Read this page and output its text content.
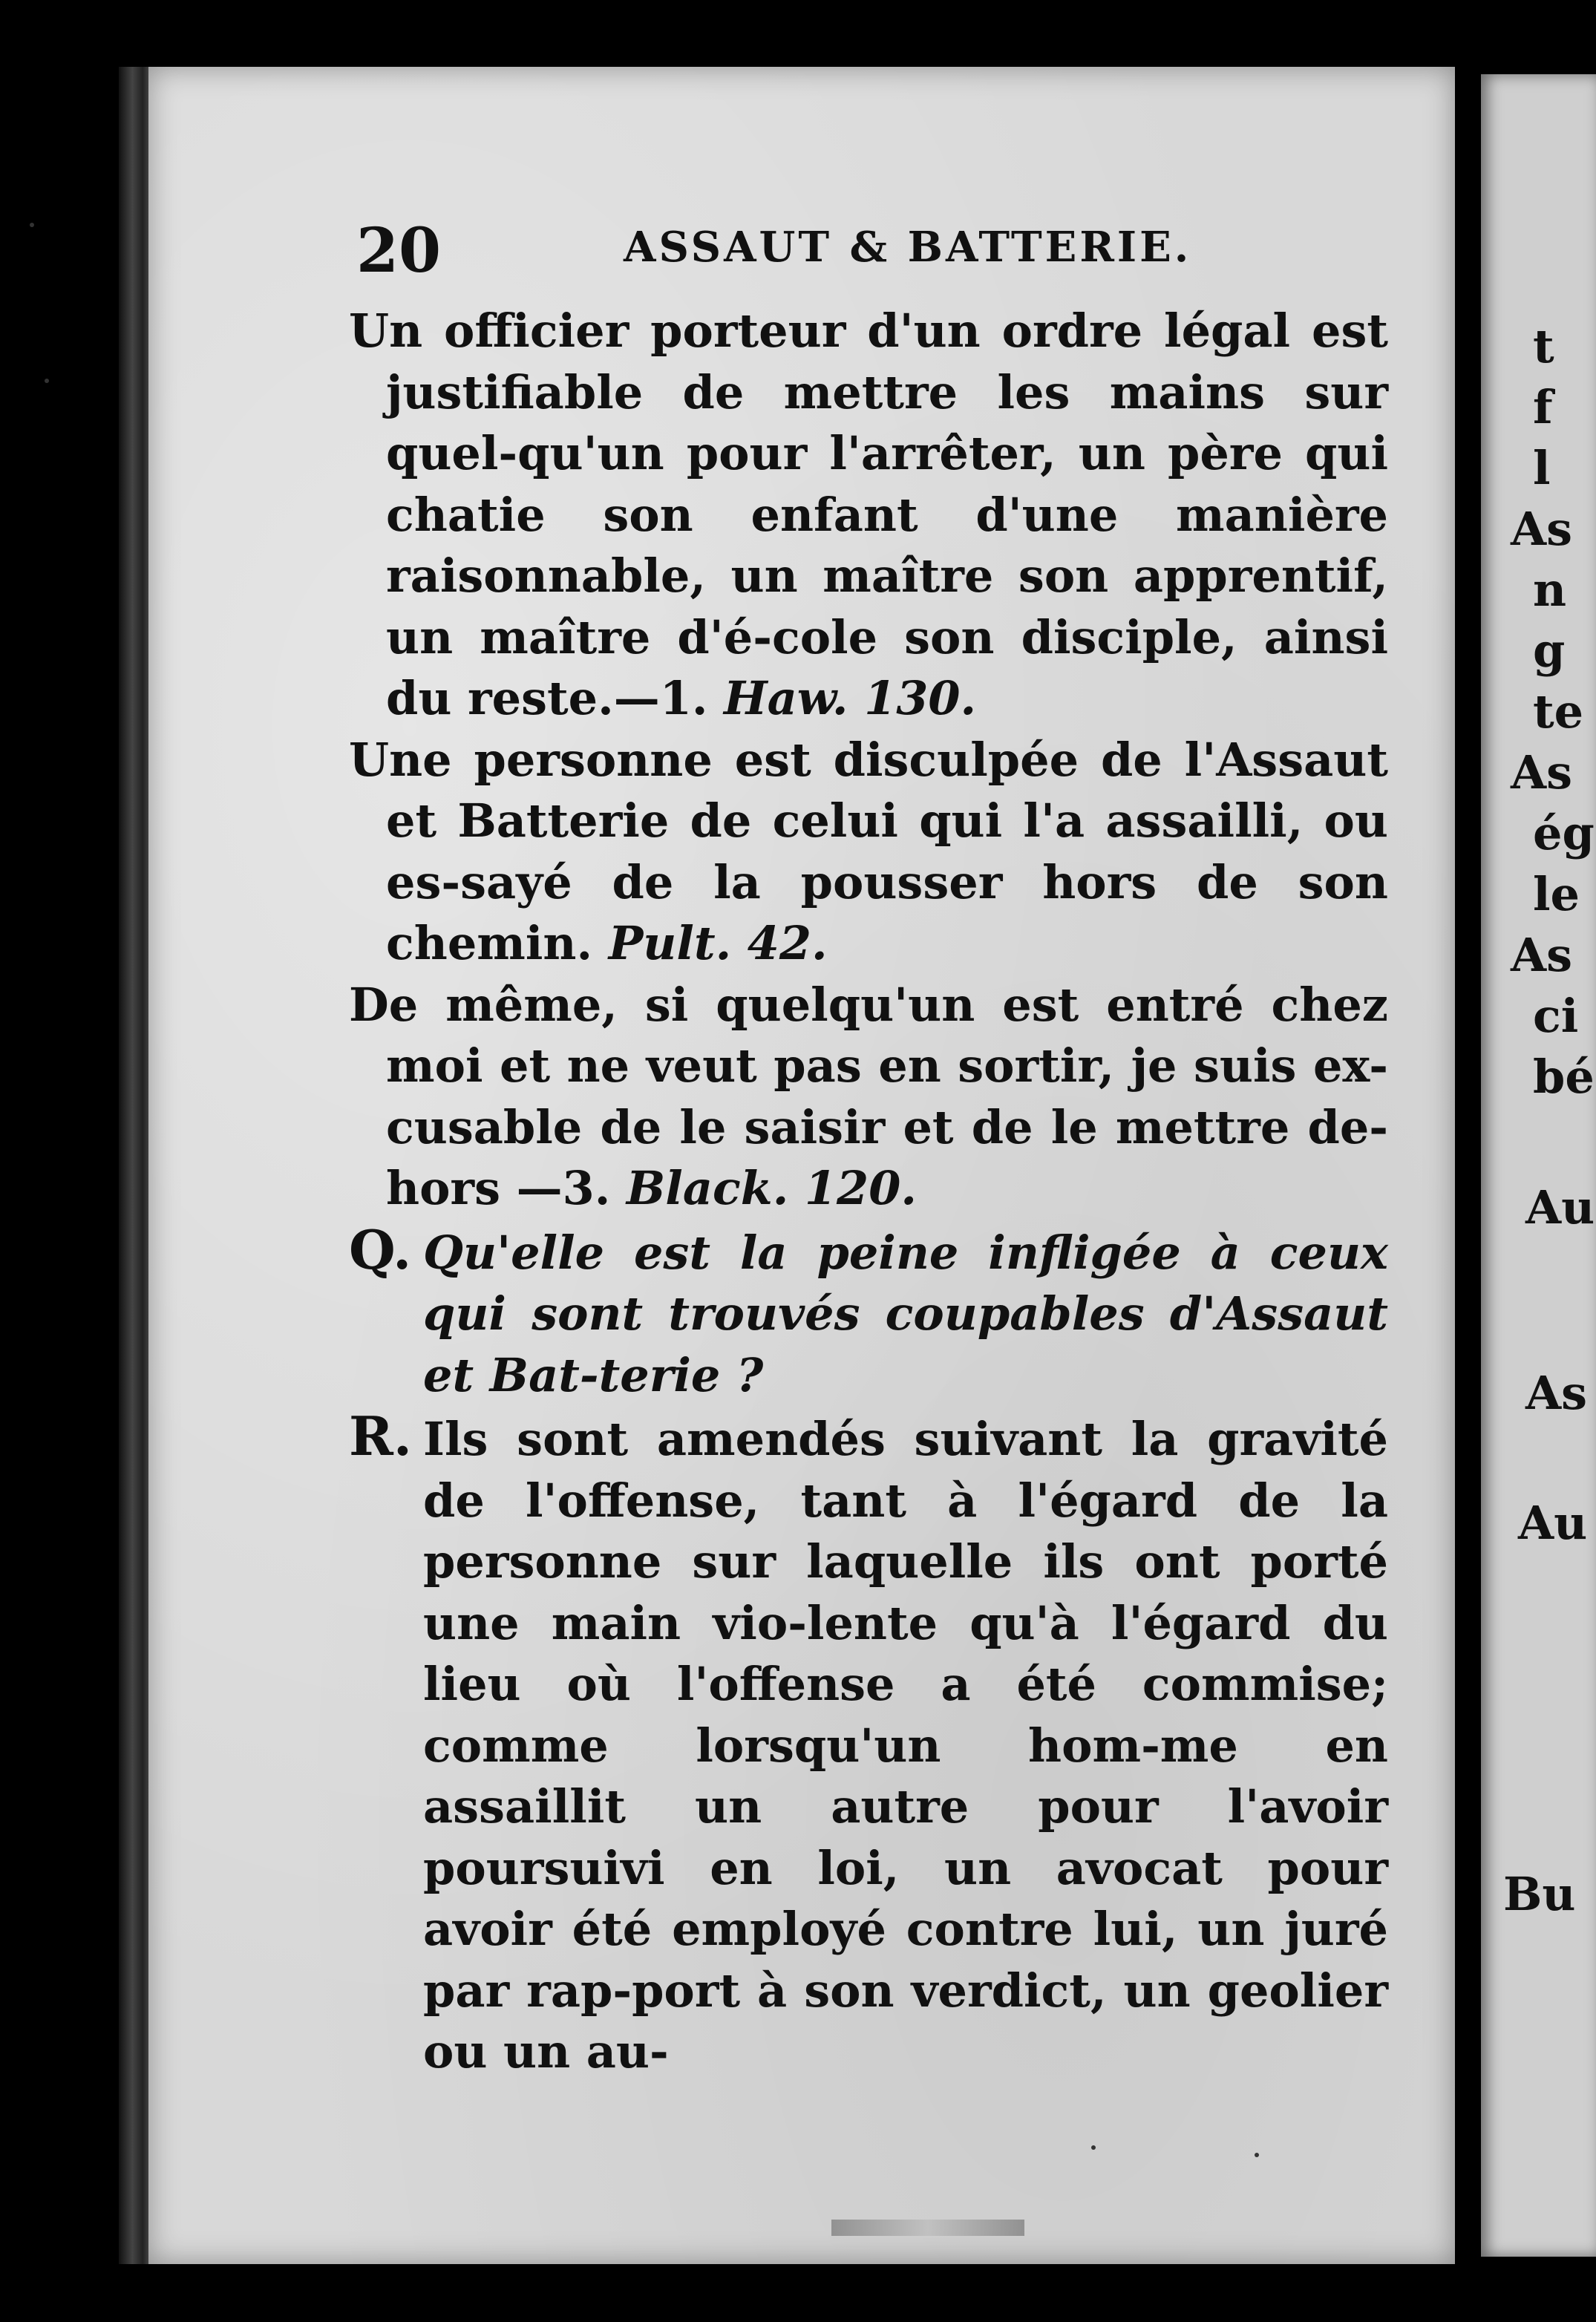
20	ASSAUT & BATTERIE.

Un officier porteur d'un ordre légal est justifiable de mettre les mains sur quel-qu'un pour l'arrêter, un père qui chatie son enfant d'une manière raisonnable, un maître son apprentif, un maître d'é-cole son disciple, ainsi du reste.—1. Haw. 130.

Une personne est disculpée de l'Assaut et Batterie de celui qui l'a assailli, ou es-sayé de la pousser hors de son chemin. Pult. 42.

De même, si quelqu'un est entré chez moi et ne veut pas en sortir, je suis ex-cusable de le saisir et de le mettre de-hors —3. Black. 120.

Q. Qu'elle est la peine infligée à ceux qui sont trouvés coupables d'Assaut et Bat-terie ?

R. Ils sont amendés suivant la gravité de l'offense, tant à l'égard de la personne sur laquelle ils ont porté une main vio-lente qu'à l'égard du lieu où l'offense a été commise; comme lorsqu'un hom-me en assaillit un autre pour l'avoir poursuivi en loi, un avocat pour avoir été employé contre lui, un juré par rap-port à son verdict, un geolier ou un au-

t
f
l
As
n
g
te
As
ég
le
As
ci
bé
Au
As
Au
Bu
